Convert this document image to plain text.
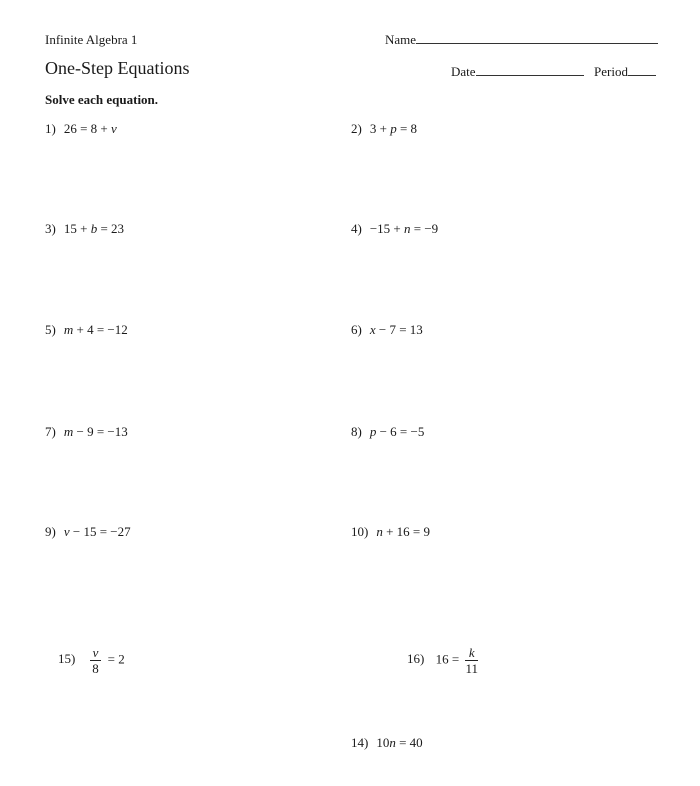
Infinite Algebra 1
One-Step Equations
Solve each equation.
Name
Date	Period
1) 26 = 8 + v	2) 3 + p = 8
3) 15 + b = 23	4) −15 + n = −9
5) m + 4 = −12	6) x − 7 = 13
7) m − 9 = −13	8) p − 6 = −5
9) v − 15 = −27	10) n + 16 = 9
$15) \frac{v}{8} = 2$	16) $16 = \frac{k}{11}$
14) 10n = 40
